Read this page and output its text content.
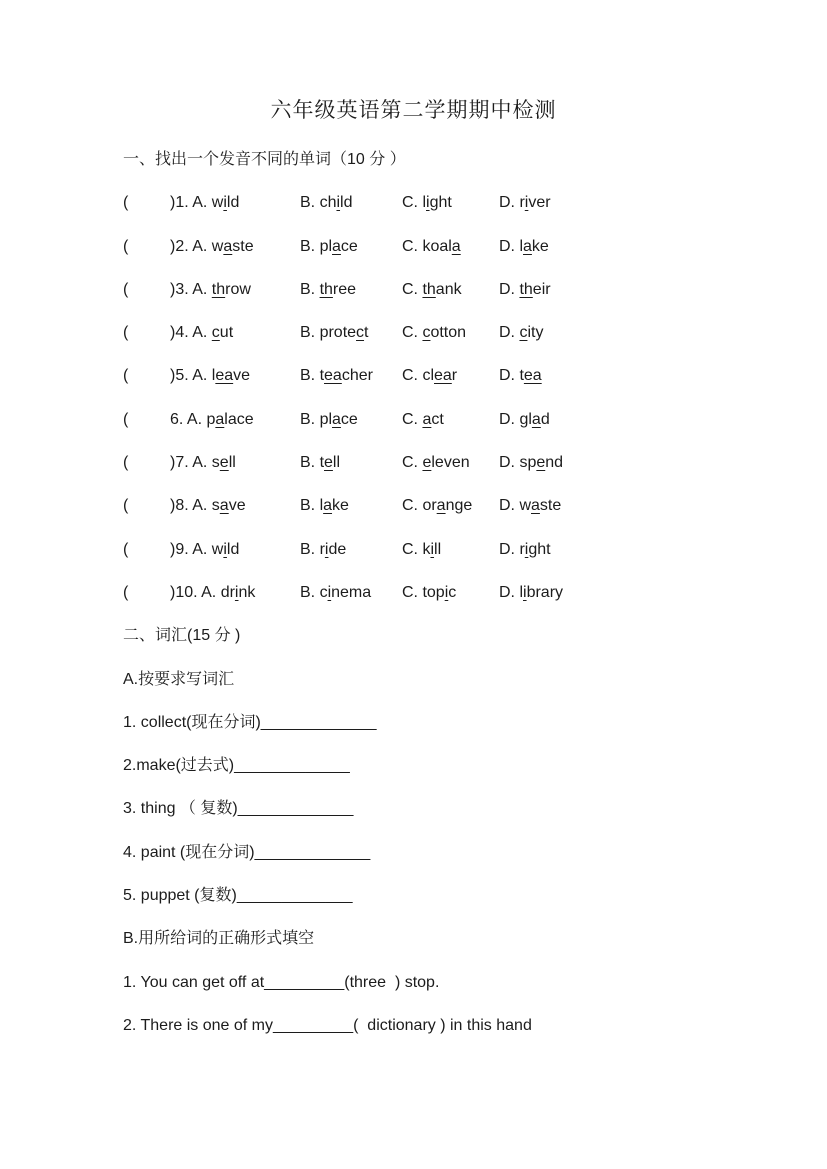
六年级英语第二学期期中检测

一、找出一个发音不同的单词（10 分 ）

(	)1. A. wild	B. child	C. light	D. river
(	)2. A. waste	B. place	C. koala	D. lake
(	)3. A. throw	B. three	C. thank	D. their
(	)4. A. cut	B. protect	C. cotton	D. city
(	)5. A. leave	B. teacher	C. clear	D. tea
(	6. A. palace	B. place	C. act	D. glad
(	)7. A. sell	B. tell	C. eleven	D. spend
(	)8. A. save	B. lake	C. orange	D. waste
(	)9. A. wild	B. ride	C. kill	D. right
(	)10. A. drink	B. cinema	C. topic	D. library

二、词汇(15 分 )

A.按要求写词汇

1. collect(现在分词)_____________

2.make(过去式)_____________

3. thing （ 复数)_____________

4. paint (现在分词)_____________

5. puppet (复数)_____________

B.用所给词的正确形式填空

1. You can get off at_________(three  ) stop.

2. There is one of my_________(  dictionary ) in this hand
